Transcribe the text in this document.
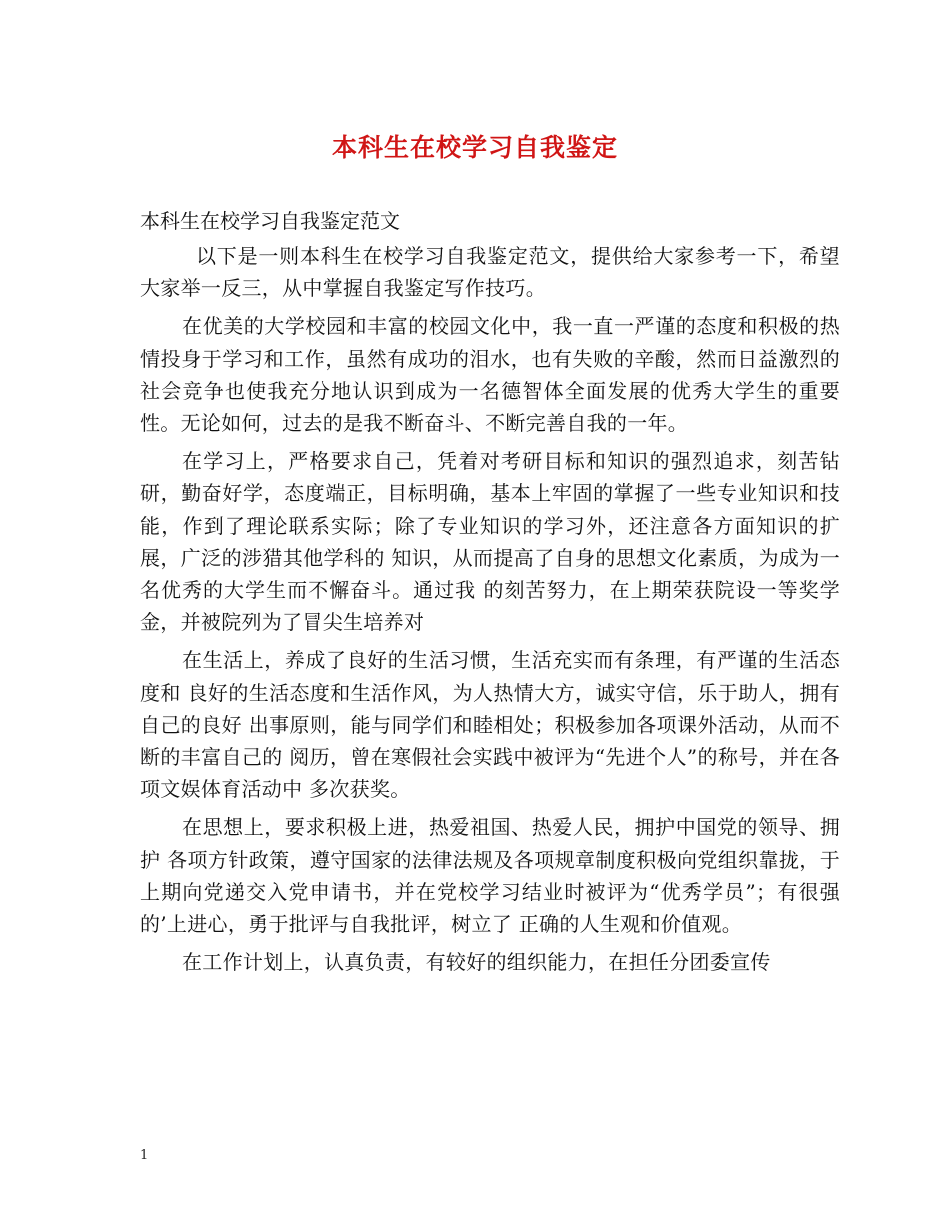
本科生在校学习自我鉴定
本科生在校学习自我鉴定范文

以下是一则本科生在校学习自我鉴定范文，提供给大家参考一下，希望大家举一反三，从中掌握自我鉴定写作技巧。

在优美的大学校园和丰富的校园文化中，我一直一严谨的态度和积极的热情投身于学习和工作，虽然有成功的泪水，也有失败的辛酸，然而日益激烈的社会竞争也使我充分地认识到成为一名德智体全面发展的优秀大学生的重要性。无论如何，过去的是我不断奋斗、不断完善自我的一年。

在学习上，严格要求自己，凭着对考研目标和知识的强烈追求，刻苦钻研，勤奋好学，态度端正，目标明确，基本上牢固的掌握了一些专业知识和技能，作到了理论联系实际；除了专业知识的学习外，还注意各方面知识的扩展，广泛的涉猎其他学科的 知识，从而提高了自身的思想文化素质，为成为一名优秀的大学生而不懈奋斗。通过我 的刻苦努力，在上期荣获院设一等奖学金，并被院列为了冒尖生培养对

在生活上，养成了良好的生活习惯，生活充实而有条理，有严谨的生活态度和 良好的生活态度和生活作风，为人热情大方，诚实守信，乐于助人，拥有自己的良好 出事原则，能与同学们和睦相处；积极参加各项课外活动，从而不断的丰富自己的 阅历，曾在寒假社会实践中被评为“先进个人”的称号，并在各项文娱体育活动中 多次获奖。

在思想上，要求积极上进，热爱祖国、热爱人民，拥护中国党的领导、拥护 各项方针政策，遵守国家的法律法规及各项规章制度积极向党组织靠拢，于上期向党递交入党申请书，并在党校学习结业时被评为“优秀学员”；有很强的’上进心，勇于批评与自我批评，树立了 正确的人生观和价值观。

在工作计划上，认真负责，有较好的组织能力，在担任分团委宣传

1
